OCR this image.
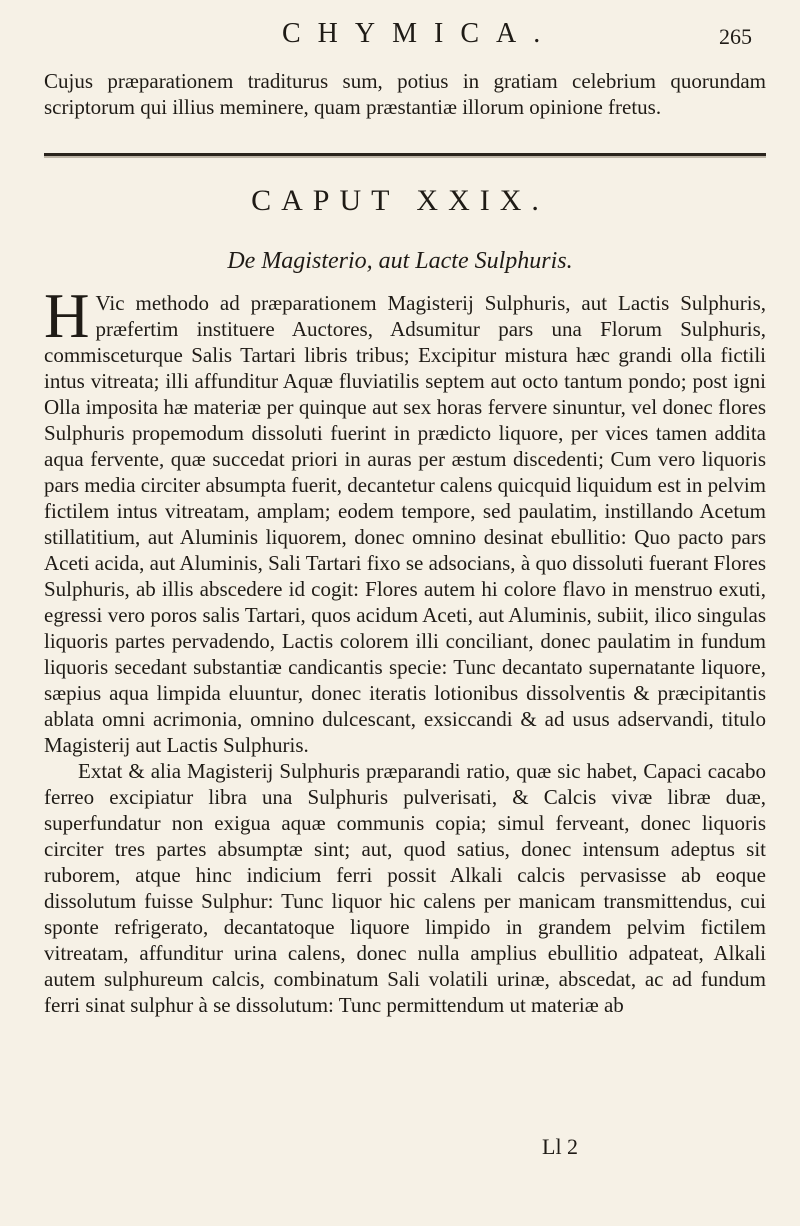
CHYMICA.	265
Cujus præparationem traditurus sum, potius in gratiam celebrium quorundam scriptorum qui illius meminere, quam præstantiæ illorum opinione fretus.
CAPUT XXIX.
De Magisterio, aut Lacte Sulphuris.

H Vic methodo ad præparationem Magisterij Sulphuris, aut Lactis Sulphuris, præfertim instituere Auctores, Adsumitur pars una Florum Sulphuris, commisceturque Salis Tartari libris tribus; Excipitur mistura hæc grandi olla fictili intus vitreata; illi affunditur Aquæ fluviatilis septem aut octo tantum pondo; post igni Olla imposita hæ materiæ per quinque aut sex horas fervere sinuntur, vel donec flores Sulphuris propemodum dissoluti fuerint in prædicto liquore, per vices tamen addita aqua fervente, quæ succedat priori in auras per æstum discedenti; Cum vero liquoris pars media circiter absumpta fuerit, decantetur calens quicquid liquidum est in pelvim fictilem intus vitreatam, amplam; eodem tempore, sed paulatim, instillando Acetum stillatitium, aut Aluminis liquorem, donec omnino desinat ebullitio: Quo pacto pars Aceti acida, aut Aluminis, Sali Tartari fixo se adsocians, à quo dissoluti fuerant Flores Sulphuris, ab illis abscedere id cogit: Flores autem hi colore flavo in menstruo exuti, egressi vero poros salis Tartari, quos acidum Aceti, aut Aluminis, subiit, ilico singulas liquoris partes pervadendo, Lactis colorem illi conciliant, donec paulatim in fundum liquoris secedant substantiæ candicantis specie: Tunc decantato supernatante liquore, sæpius aqua limpida eluuntur, donec iteratis lotionibus dissolventis & præcipitantis ablata omni acrimonia, omnino dulcescant, exsiccandi & ad usus adservandi, titulo Magisterij aut Lactis Sulphuris.

Extat & alia Magisterij Sulphuris præparandi ratio, quæ sic habet, Capaci cacabo ferreo excipiatur libra una Sulphuris pulverisati, & Calcis vivæ libræ duæ, superfundatur non exigua aquæ communis copia; simul ferveant, donec liquoris circiter tres partes absumptæ sint; aut, quod satius, donec intensum adeptus sit ruborem, atque hinc indicium ferri possit Alkali calcis pervasisse ab eoque dissolutum fuisse Sulphur: Tunc liquor hic calens per manicam transmittendus, cui sponte refrigerato, decantatoque liquore limpido in grandem pelvim fictilem vitreatam, affunditur urina calens, donec nulla amplius ebullitio adpateat, Alkali autem sulphureum calcis, combinatum Sali volatili urinæ, abscedat, ac ad fundum ferri sinat sulphur à se dissolutum: Tunc permittendum ut materiæ ab

Ll 2
